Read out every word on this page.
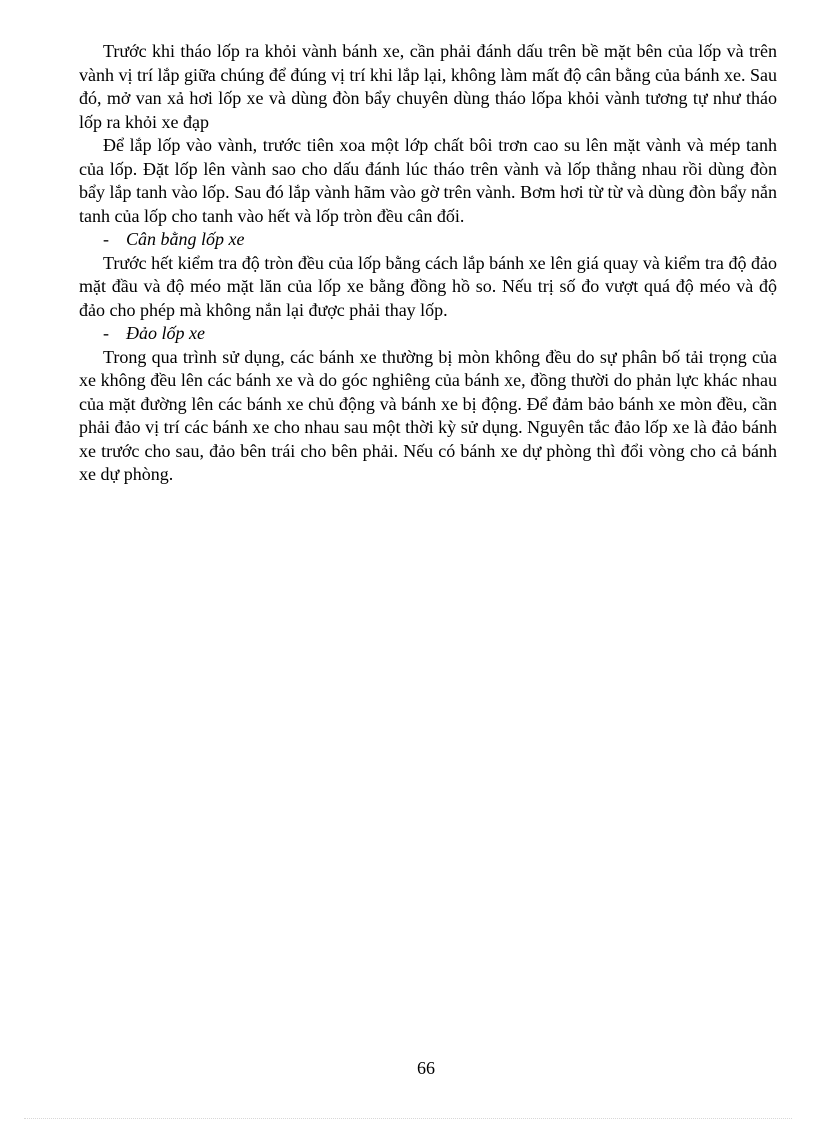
Trước khi tháo lốp ra khỏi vành bánh xe, cần phải đánh dấu trên bề mặt bên của lốp và trên vành vị trí lắp giữa chúng để đúng vị trí khi lắp lại, không làm mất độ cân bằng của bánh xe. Sau đó, mở van xả hơi lốp xe và dùng đòn bẩy chuyên dùng tháo lốpa khỏi vành tương tự như tháo lốp ra khỏi xe đạp

Để lắp lốp vào vành, trước tiên xoa một lớp chất bôi trơn cao su lên mặt vành và mép tanh của lốp. Đặt lốp lên vành sao cho dấu đánh lúc tháo trên vành và lốp thẳng nhau rồi dùng đòn bẩy lắp tanh vào lốp. Sau đó lắp vành hãm vào gờ trên vành. Bơm hơi từ từ và dùng đòn bẩy nắn tanh của lốp cho tanh vào hết và lốp tròn đều cân đối.

- Cân bằng lốp xe

Trước hết kiểm tra độ tròn đều của lốp bằng cách lắp bánh xe lên giá quay và kiểm tra độ đảo mặt đầu và độ méo mặt lăn của lốp xe bằng đồng hồ so. Nếu trị số đo vượt quá độ méo và độ đảo cho phép mà không nắn lại được phải thay lốp.

- Đảo lốp xe

Trong qua trình sử dụng, các bánh xe thường bị mòn không đều do sự phân bố tải trọng của xe không đều lên các bánh xe và do góc nghiêng của bánh xe, đồng thười do phản lực khác nhau của mặt đường lên các bánh xe chủ động và bánh xe bị động. Để đảm bảo bánh xe mòn đều, cần phải đảo vị trí các bánh xe cho nhau sau một thời kỳ sử dụng. Nguyên tắc đảo lốp xe là đảo bánh xe trước cho sau, đảo bên trái cho bên phải. Nếu có bánh xe dự phòng thì đổi vòng cho cả bánh xe dự phòng.

66
